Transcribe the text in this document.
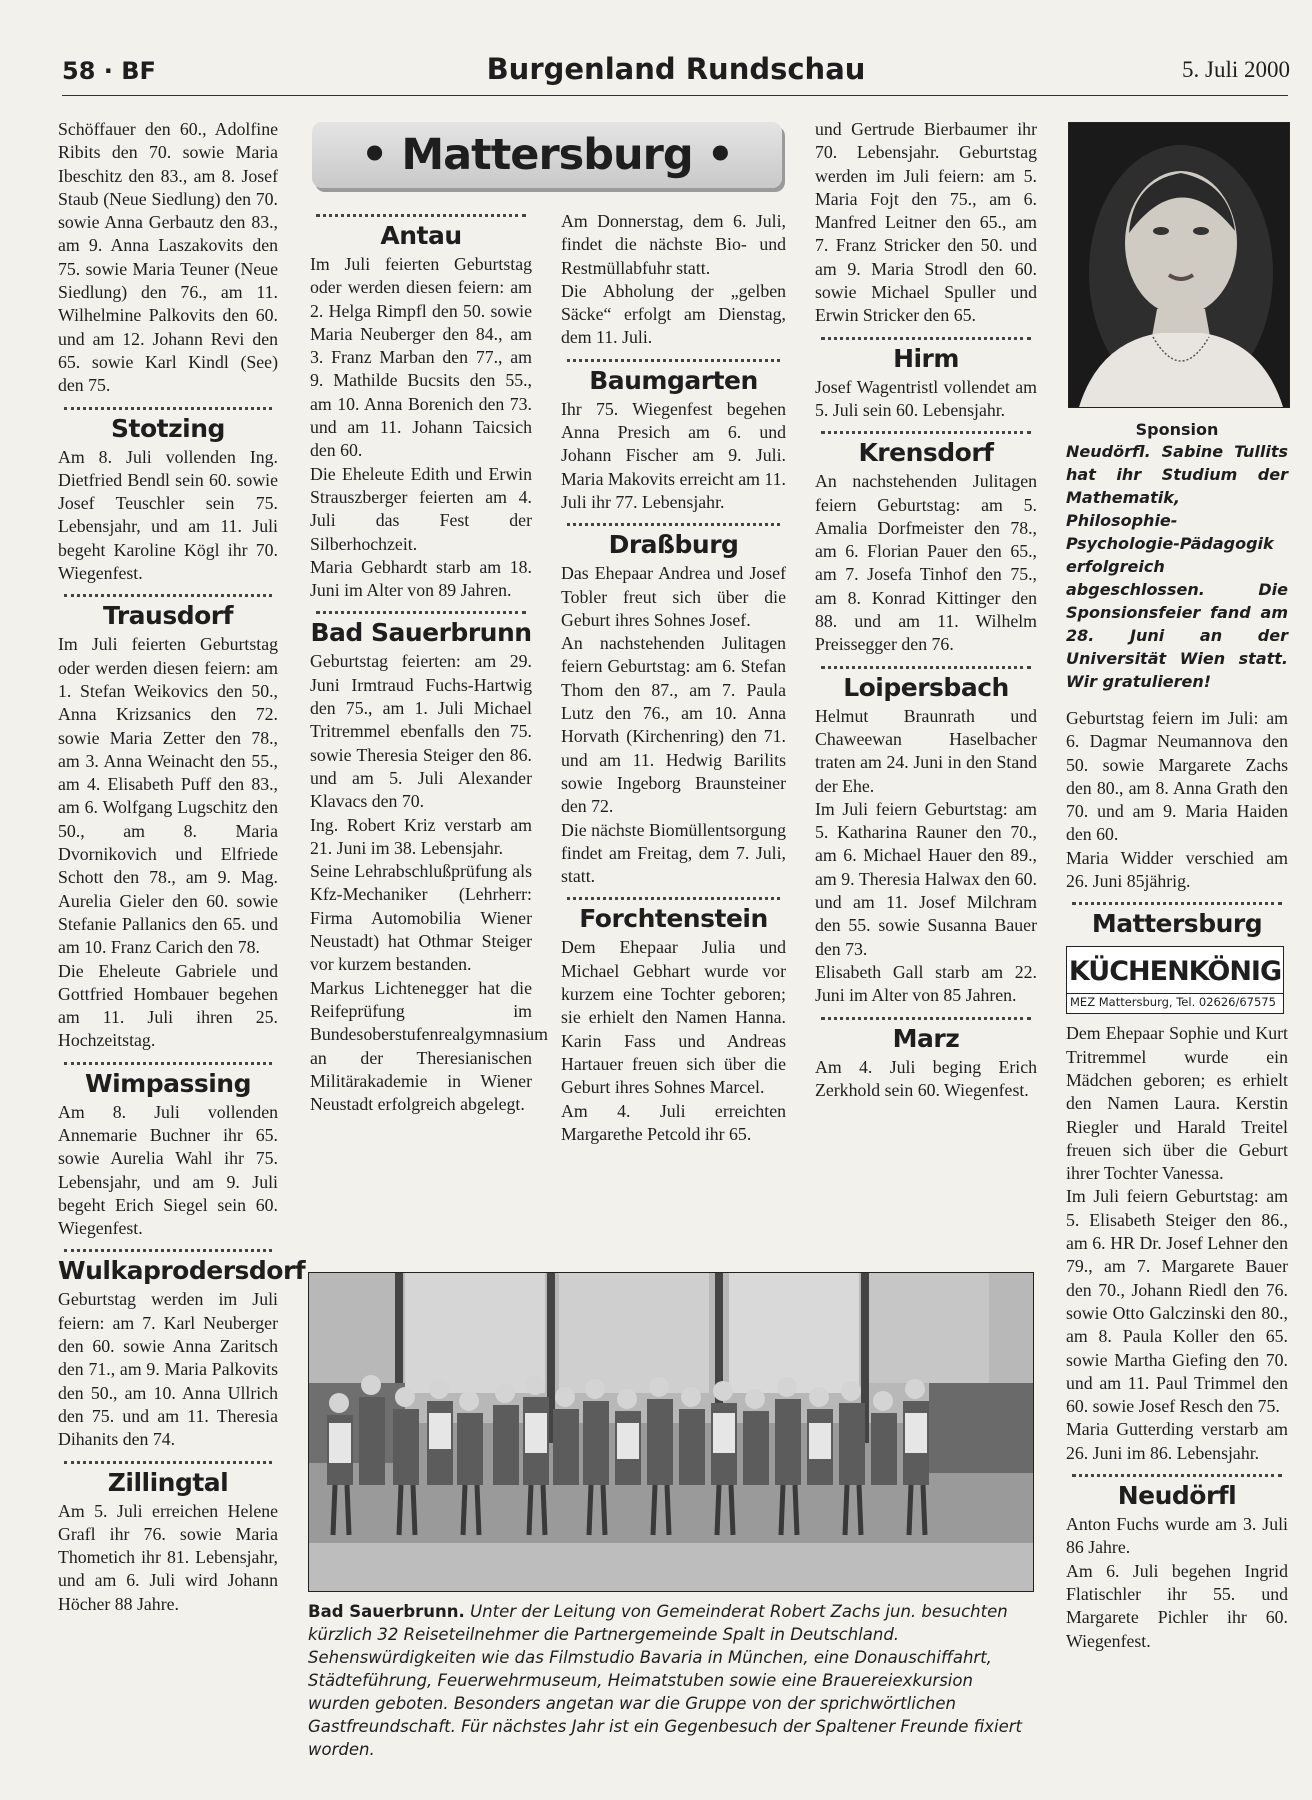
58 · BF	Burgenland Rundschau	5. Juli 2000

Schöffauer den 60., Adolfine Ribits den 70. sowie Maria Ibeschitz den 83., am 8. Josef Staub (Neue Siedlung) den 70. sowie Anna Gerbautz den 83., am 9. Anna Laszakovits den 75. sowie Maria Teuner (Neue Siedlung) den 76., am 11. Wilhelmine Palkovits den 60. und am 12. Johann Revi den 65. sowie Karl Kindl (See) den 75.

Stotzing

Am 8. Juli vollenden Ing. Dietfried Bendl sein 60. sowie Josef Teuschler sein 75. Lebensjahr, und am 11. Juli begeht Karoline Kögl ihr 70. Wiegenfest.

Trausdorf

Im Juli feierten Geburtstag oder werden diesen feiern: am 1. Stefan Weikovics den 50., Anna Krizsanics den 72. sowie Maria Zetter den 78., am 3. Anna Weinacht den 55., am 4. Elisabeth Puff den 83., am 6. Wolfgang Lugschitz den 50., am 8. Maria Dvornikovich und Elfriede Schott den 78., am 9. Mag. Aurelia Gieler den 60. sowie Stefanie Pallanics den 65. und am 10. Franz Carich den 78.

Die Eheleute Gabriele und Gottfried Hombauer begehen am 11. Juli ihren 25. Hochzeitstag.

Wimpassing

Am 8. Juli vollenden Annemarie Buchner ihr 65. sowie Aurelia Wahl ihr 75. Lebensjahr, und am 9. Juli begeht Erich Siegel sein 60. Wiegenfest.

Wulkaprodersdorf

Geburtstag werden im Juli feiern: am 7. Karl Neuberger den 60. sowie Anna Zaritsch den 71., am 9. Maria Palkovits den 50., am 10. Anna Ullrich den 75. und am 11. Theresia Dihanits den 74.

Zillingtal

Am 5. Juli erreichen Helene Grafl ihr 76. sowie Maria Thometich ihr 81. Lebensjahr, und am 6. Juli wird Johann Höcher 88 Jahre.

• Mattersburg •
Antau

Im Juli feierten Geburtstag oder werden diesen feiern: am 2. Helga Rimpfl den 50. sowie Maria Neuberger den 84., am 3. Franz Marban den 77., am 9. Mathilde Bucsits den 55., am 10. Anna Borenich den 73. und am 11. Johann Taicsich den 60.

Die Eheleute Edith und Erwin Strauszberger feierten am 4. Juli das Fest der Silberhochzeit.

Maria Gebhardt starb am 18. Juni im Alter von 89 Jahren.

Bad Sauerbrunn

Geburtstag feierten: am 29. Juni Irmtraud Fuchs-Hartwig den 75., am 1. Juli Michael Tritremmel ebenfalls den 75. sowie Theresia Steiger den 86. und am 5. Juli Alexander Klavacs den 70.

Ing. Robert Kriz verstarb am 21. Juni im 38. Lebensjahr.

Seine Lehrabschlußprüfung als Kfz-Mechaniker (Lehrherr: Firma Automobilia Wiener Neustadt) hat Othmar Steiger vor kurzem bestanden.

Markus Lichtenegger hat die Reifeprüfung im Bundesoberstufenrealgymnasium an der Theresianischen Militärakademie in Wiener Neustadt erfolgreich abgelegt.

Am Donnerstag, dem 6. Juli, findet die nächste Bio- und Restmüllabfuhr statt.

Die Abholung der „gelben Säcke“ erfolgt am Dienstag, dem 11. Juli.

Baumgarten

Ihr 75. Wiegenfest begehen Anna Presich am 6. und Johann Fischer am 9. Juli. Maria Makovits erreicht am 11. Juli ihr 77. Lebensjahr.

Draßburg

Das Ehepaar Andrea und Josef Tobler freut sich über die Geburt ihres Sohnes Josef.

An nachstehenden Julitagen feiern Geburtstag: am 6. Stefan Thom den 87., am 7. Paula Lutz den 76., am 10. Anna Horvath (Kirchenring) den 71. und am 11. Hedwig Barilits sowie Ingeborg Braunsteiner den 72.

Die nächste Biomüllentsorgung findet am Freitag, dem 7. Juli, statt.

Forchtenstein

Dem Ehepaar Julia und Michael Gebhart wurde vor kurzem eine Tochter geboren; sie erhielt den Namen Hanna. Karin Fass und Andreas Hartauer freuen sich über die Geburt ihres Sohnes Marcel.

Am 4. Juli erreichten Margarethe Petcold ihr 65.

und Gertrude Bierbaumer ihr 70. Lebensjahr. Geburtstag werden im Juli feiern: am 5. Maria Fojt den 75., am 6. Manfred Leitner den 65., am 7. Franz Stricker den 50. und am 9. Maria Strodl den 60. sowie Michael Spuller und Erwin Stricker den 65.

Hirm

Josef Wagentristl vollendet am 5. Juli sein 60. Lebensjahr.

Krensdorf

An nachstehenden Julitagen feiern Geburtstag: am 5. Amalia Dorfmeister den 78., am 6. Florian Pauer den 65., am 7. Josefa Tinhof den 75., am 8. Konrad Kittinger den 88. und am 11. Wilhelm Preissegger den 76.

Loipersbach

Helmut Braunrath und Chaweewan Haselbacher traten am 24. Juni in den Stand der Ehe.

Im Juli feiern Geburtstag: am 5. Katharina Rauner den 70., am 6. Michael Hauer den 89., am 9. Theresia Halwax den 60. und am 11. Josef Milchram den 55. sowie Susanna Bauer den 73.

Elisabeth Gall starb am 22. Juni im Alter von 85 Jahren.

Marz

Am 4. Juli beging Erich Zerkhold sein 60. Wiegenfest.

Sponsion

Neudörfl. Sabine Tullits hat ihr Studium der Mathematik, Philosophie-Psychologie-Pädagogik erfolgreich abgeschlossen. Die Sponsionsfeier fand am 28. Juni an der Universität Wien statt. Wir gratulieren!

Geburtstag feiern im Juli: am 6. Dagmar Neumannova den 50. sowie Margarete Zachs den 80., am 8. Anna Grath den 70. und am 9. Maria Haiden den 60.

Maria Widder verschied am 26. Juni 85jährig.

Mattersburg
KÜCHENKÖNIG
MEZ Mattersburg, Tel. 02626/67575

Dem Ehepaar Sophie und Kurt Tritremmel wurde ein Mädchen geboren; es erhielt den Namen Laura. Kerstin Riegler und Harald Treitel freuen sich über die Geburt ihrer Tochter Vanessa.

Im Juli feiern Geburtstag: am 5. Elisabeth Steiger den 86., am 6. HR Dr. Josef Lehner den 79., am 7. Margarete Bauer den 70., Johann Riedl den 76. sowie Otto Galczinski den 80., am 8. Paula Koller den 65. sowie Martha Giefing den 70. und am 11. Paul Trimmel den 60. sowie Josef Resch den 75.

Maria Gutterding verstarb am 26. Juni im 86. Lebensjahr.

Neudörfl

Anton Fuchs wurde am 3. Juli 86 Jahre.

Am 6. Juli begehen Ingrid Flatischler ihr 55. und Margarete Pichler ihr 60. Wiegenfest.

Bad Sauerbrunn. Unter der Leitung von Gemeinderat Robert Zachs jun. besuchten kürzlich 32 Reiseteilnehmer die Partnergemeinde Spalt in Deutschland. Sehenswürdigkeiten wie das Filmstudio Bavaria in München, eine Donauschiffahrt, Städteführung, Feuerwehrmuseum, Heimatstuben sowie eine Brauereiexkursion wurden geboten. Besonders angetan war die Gruppe von der sprichwörtlichen Gastfreundschaft. Für nächstes Jahr ist ein Gegenbesuch der Spaltener Freunde fixiert worden.
